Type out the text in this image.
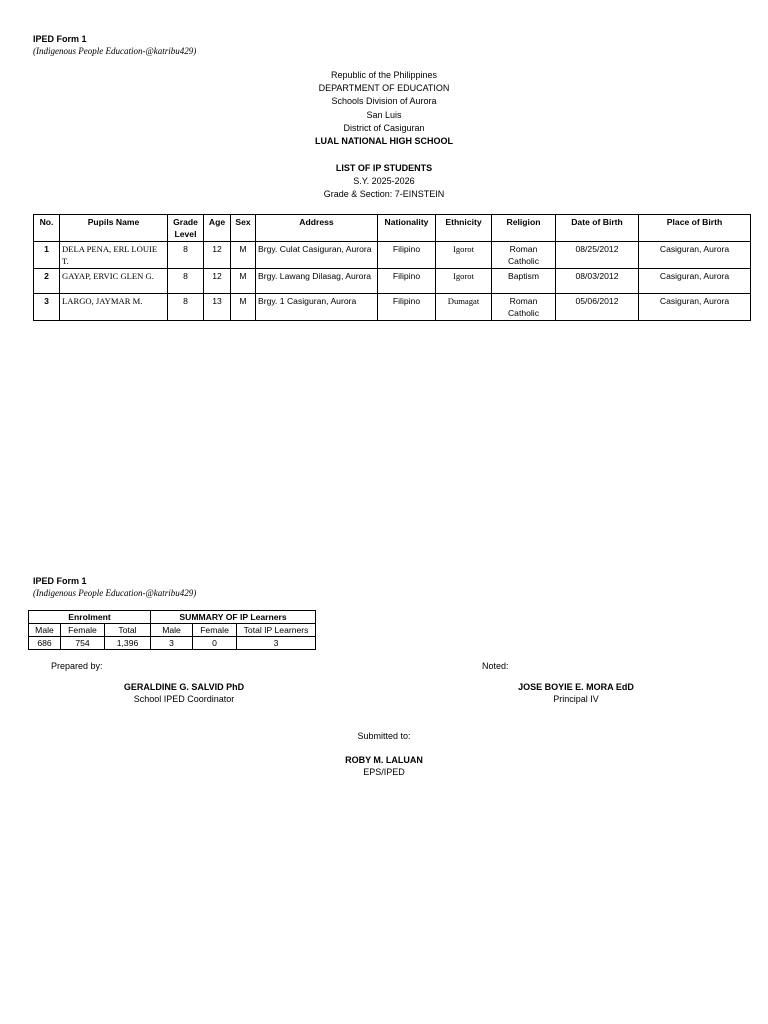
IPED Form 1
(Indigenous People Education-@katribu429)
Republic of the Philippines
DEPARTMENT OF EDUCATION
Schools Division of Aurora
San Luis
District of Casiguran
LUAL NATIONAL HIGH SCHOOL
LIST OF IP STUDENTS
S.Y. 2025-2026
Grade & Section: 7-EINSTEIN
No.	Pupils Name	Grade Level	Age	Sex	Address	Nationality	Ethnicity	Religion	Date of Birth	Place of Birth
1	DELA PENA, ERL LOUIE T.	8	12	M	Brgy. Culat Casiguran, Aurora	Filipino	Igorot	Roman Catholic	08/25/2012	Casiguran, Aurora
2	GAYAP, ERVIC GLEN G.	8	12	M	Brgy. Lawang Dilasag, Aurora	Filipino	Igorot	Baptism	08/03/2012	Casiguran, Aurora
3	LARGO, JAYMAR M.	8	13	M	Brgy. 1 Casiguran, Aurora	Filipino	Dumagat	Roman Catholic	05/06/2012	Casiguran, Aurora
IPED Form 1
(Indigenous People Education-@katribu429)
Enrolment			SUMMARY OF IP Learners		
Male	Female	Total	Male	Female	Total IP Learners
686	754	1,396	3	0	3
Prepared by:
GERALDINE G. SALVID PhD
School IPED Coordinator
Noted:
JOSE BOYIE E. MORA EdD
Principal IV
Submitted to:
ROBY M. LALUAN
EPS/IPED
